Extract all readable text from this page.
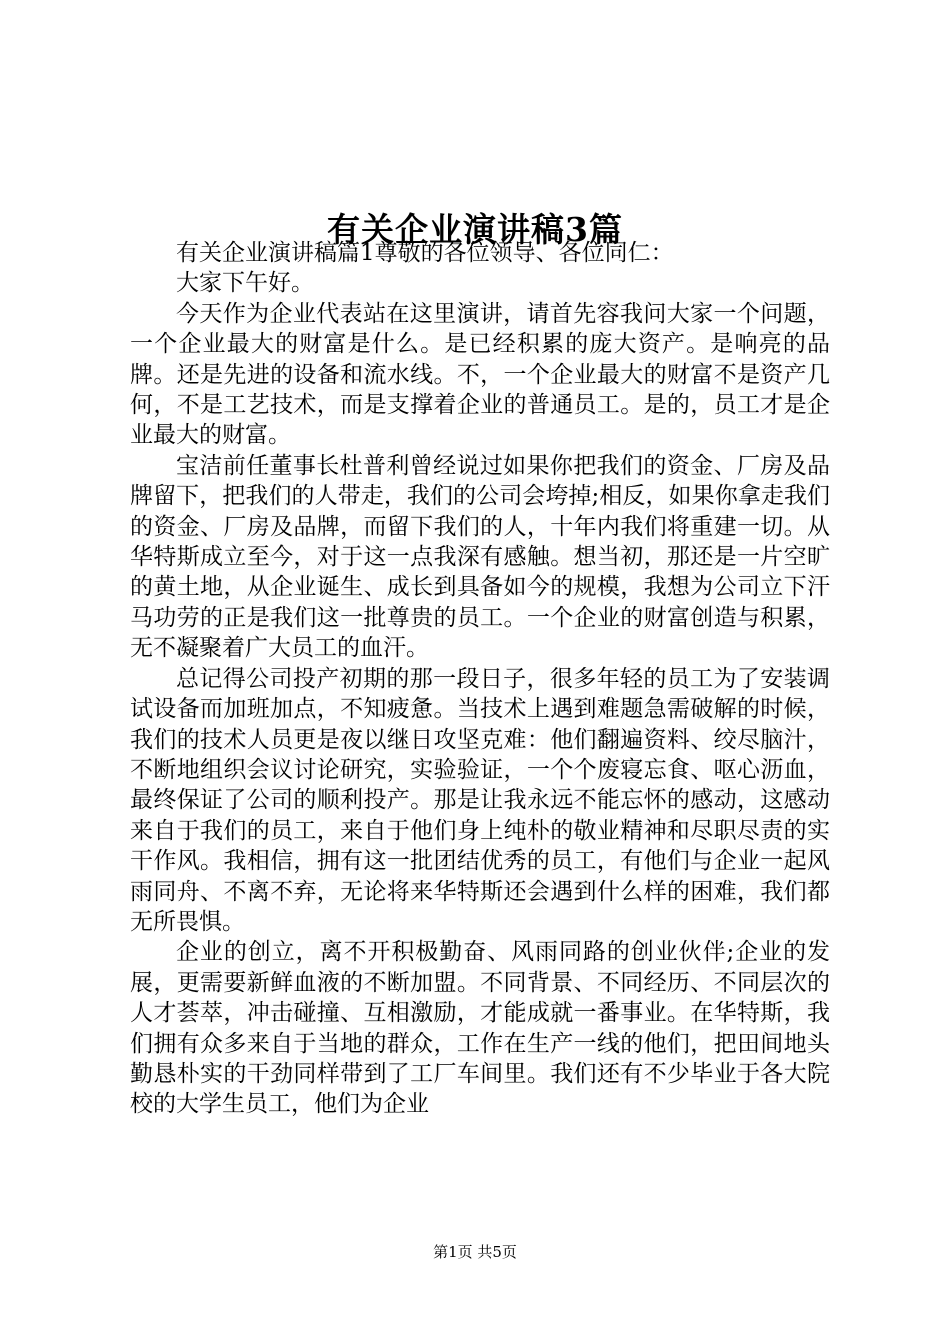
有关企业演讲稿3篇

有关企业演讲稿篇1尊敬的各位领导、各位同仁：

大家下午好。

今天作为企业代表站在这里演讲，请首先容我问大家一个问题，一个企业最大的财富是什么。是已经积累的庞大资产。是响亮的品牌。还是先进的设备和流水线。不，一个企业最大的财富不是资产几何，不是工艺技术，而是支撑着企业的普通员工。是的，员工才是企业最大的财富。

宝洁前任董事长杜普利曾经说过如果你把我们的资金、厂房及品牌留下，把我们的人带走，我们的公司会垮掉;相反，如果你拿走我们的资金、厂房及品牌，而留下我们的人，十年内我们将重建一切。从华特斯成立至今，对于这一点我深有感触。想当初，那还是一片空旷的黄土地，从企业诞生、成长到具备如今的规模，我想为公司立下汗马功劳的正是我们这一批尊贵的员工。一个企业的财富创造与积累，无不凝聚着广大员工的血汗。

总记得公司投产初期的那一段日子，很多年轻的员工为了安装调试设备而加班加点，不知疲惫。当技术上遇到难题急需破解的时候，我们的技术人员更是夜以继日攻坚克难：他们翻遍资料、绞尽脑汁，不断地组织会议讨论研究，实验验证，一个个废寝忘食、呕心沥血，最终保证了公司的顺利投产。那是让我永远不能忘怀的感动，这感动来自于我们的员工，来自于他们身上纯朴的敬业精神和尽职尽责的实干作风。我相信，拥有这一批团结优秀的员工，有他们与企业一起风雨同舟、不离不弃，无论将来华特斯还会遇到什么样的困难，我们都无所畏惧。

企业的创立，离不开积极勤奋、风雨同路的创业伙伴;企业的发展，更需要新鲜血液的不断加盟。不同背景、不同经历、不同层次的人才荟萃，冲击碰撞、互相激励，才能成就一番事业。在华特斯，我们拥有众多来自于当地的群众，工作在生产一线的他们，把田间地头勤恳朴实的干劲同样带到了工厂车间里。我们还有不少毕业于各大院校的大学生员工，他们为企业

第1页 共5页
